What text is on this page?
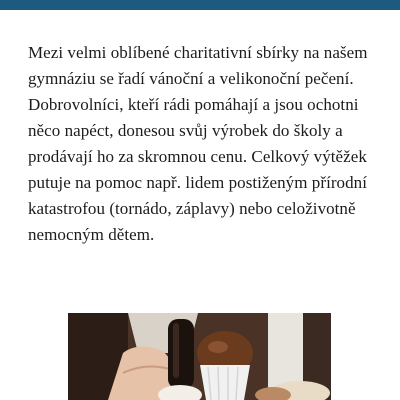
Mezi velmi oblíbené charitativní sbírky na našem gymnáziu se řadí vánoční a velikonoční pečení. Dobrovolníci, kteří rádi pomáhají a jsou ochotni něco napéct, donesou svůj výrobek do školy a prodávají ho za skromnou cenu. Celkový výtěžek putuje na pomoc např. lidem postiženým přírodní katastrofou (tornádo, záplavy) nebo celoživotně nemocným dětem.
